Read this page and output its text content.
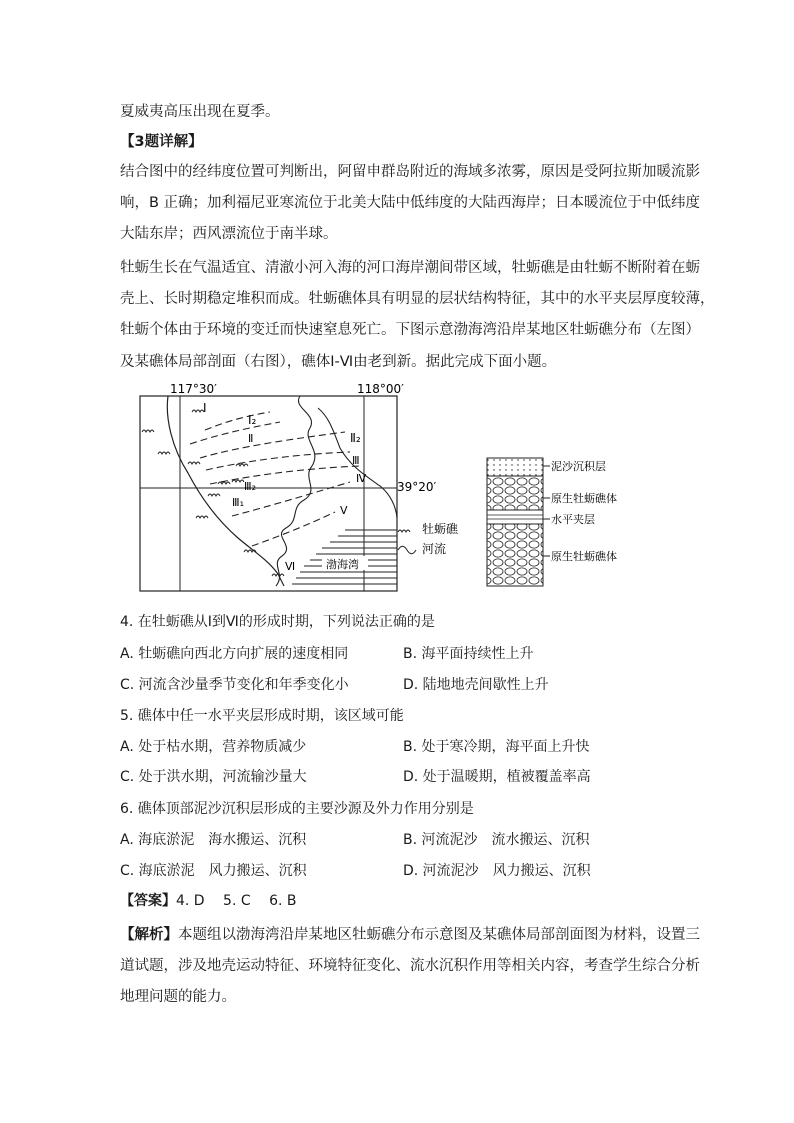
夏威夷高压出现在夏季。
【3题详解】
结合图中的经纬度位置可判断出，阿留申群岛附近的海域多浓雾，原因是受阿拉斯加暖流影
响，B 正确；加利福尼亚寒流位于北美大陆中低纬度的大陆西海岸；日本暖流位于中低纬度
大陆东岸；西风漂流位于南半球。
牡蛎生长在气温适宜、清澈小河入海的河口海岸潮间带区域，牡蛎礁是由牡蛎不断附着在蛎
壳上、长时期稳定堆积而成。牡蛎礁体具有明显的层状结构特征，其中的水平夹层厚度较薄，
牡蛎个体由于环境的变迁而快速窒息死亡。下图示意渤海湾沿岸某地区牡蛎礁分布（左图）
及某礁体局部剖面（右图），礁体Ⅰ-Ⅵ由老到新。据此完成下面小题。
117°30′	118°00′
39°20′
渤海湾
Ⅰ
Ⅰ₂
Ⅱ	Ⅱ₂
Ⅲ
Ⅲ₂
Ⅲ₁
Ⅳ
Ⅴ
Ⅵ
牡蛎礁
河流
泥沙沉积层
原生牡蛎礁体
水平夹层
原生牡蛎礁体
4. 在牡蛎礁从Ⅰ到Ⅵ的形成时期，下列说法正确的是
A. 牡蛎礁向西北方向扩展的速度相同	B. 海平面持续性上升
C. 河流含沙量季节变化和年季变化小	D. 陆地地壳间歇性上升
5. 礁体中任一水平夹层形成时期，该区域可能
A. 处于枯水期，营养物质减少	B. 处于寒冷期，海平面上升快
C. 处于洪水期，河流输沙量大	D. 处于温暖期，植被覆盖率高
6. 礁体顶部泥沙沉积层形成的主要沙源及外力作用分别是
A. 海底淤泥　海水搬运、沉积	B. 河流泥沙　流水搬运、沉积
C. 海底淤泥　风力搬运、沉积	D. 河流泥沙　风力搬运、沉积
【答案】4. D　 5. C　 6. B
【解析】本题组以渤海湾沿岸某地区牡蛎礁分布示意图及某礁体局部剖面图为材料，设置三
道试题，涉及地壳运动特征、环境特征变化、流水沉积作用等相关内容，考查学生综合分析
地理问题的能力。
